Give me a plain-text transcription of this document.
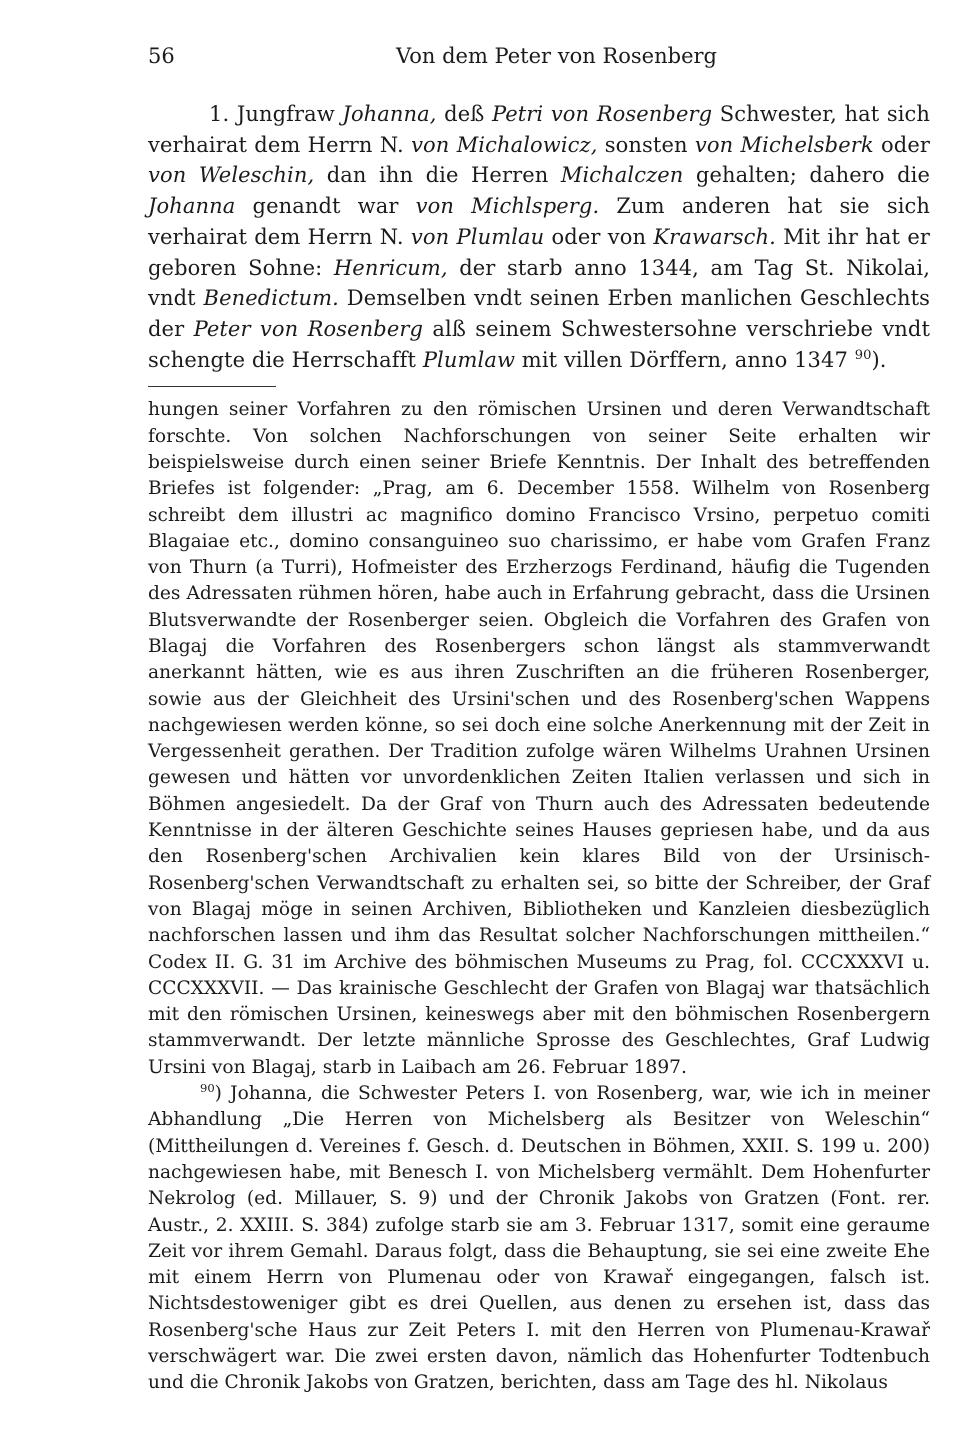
56	Von dem Peter von Rosenberg

1. Jungfraw Johanna, deß Petri von Rosenberg Schwester, hat sich verhairat dem Herrn N. von Michalowicz, sonsten von Michelsberk oder von Weleschin, dan ihn die Herren Michalczen gehalten; dahero die Johanna genandt war von Michlsperg. Zum anderen hat sie sich verhairat dem Herrn N. von Plumlau oder von Krawarsch. Mit ihr hat er geboren Sohne: Henricum, der starb anno 1344, am Tag St. Nikolai, vndt Benedictum. Demselben vndt seinen Erben manlichen Geschlechts der Peter von Rosenberg alß seinem Schwestersohne verschriebe vndt schengte die Herrschafft Plumlaw mit villen Dörffern, anno 1347 $^{90}$).

hungen seiner Vorfahren zu den römischen Ursinen und deren Verwandtschaft forschte. Von solchen Nachforschungen von seiner Seite erhalten wir beispielsweise durch einen seiner Briefe Kenntnis. Der Inhalt des betreffenden Briefes ist folgender: „Prag, am 6. December 1558. Wilhelm von Rosenberg schreibt dem illustri ac magnifico domino Francisco Vrsino, perpetuo comiti Blagaiae etc., domino consanguineo suo charissimo, er habe vom Grafen Franz von Thurn (a Turri), Hofmeister des Erzherzogs Ferdinand, häufig die Tugenden des Adressaten rühmen hören, habe auch in Erfahrung gebracht, dass die Ursinen Blutsverwandte der Rosenberger seien. Obgleich die Vorfahren des Grafen von Blagaj die Vorfahren des Rosenbergers schon längst als stammverwandt anerkannt hätten, wie es aus ihren Zuschriften an die früheren Rosenberger, sowie aus der Gleichheit des Ursini'schen und des Rosenberg'schen Wappens nachgewiesen werden könne, so sei doch eine solche Anerkennung mit der Zeit in Vergessenheit gerathen. Der Tradition zufolge wären Wilhelms Urahnen Ursinen gewesen und hätten vor unvordenklichen Zeiten Italien verlassen und sich in Böhmen angesiedelt. Da der Graf von Thurn auch des Adressaten bedeutende Kenntnisse in der älteren Geschichte seines Hauses gepriesen habe, und da aus den Rosenberg'schen Archivalien kein klares Bild von der Ursinisch-Rosenberg'schen Verwandtschaft zu erhalten sei, so bitte der Schreiber, der Graf von Blagaj möge in seinen Archiven, Bibliotheken und Kanzleien diesbezüglich nachforschen lassen und ihm das Resultat solcher Nachforschungen mittheilen.“ Codex II. G. 31 im Archive des böhmischen Museums zu Prag, fol. CCCXXXVI u. CCCXXXVII. — Das krainische Geschlecht der Grafen von Blagaj war thatsächlich mit den römischen Ursinen, keineswegs aber mit den böhmischen Rosenbergern stammverwandt. Der letzte männliche Sprosse des Geschlechtes, Graf Ludwig Ursini von Blagaj, starb in Laibach am 26. Februar 1897.

$^{90}$) Johanna, die Schwester Peters I. von Rosenberg, war, wie ich in meiner Abhandlung „Die Herren von Michelsberg als Besitzer von Weleschin“ (Mittheilungen d. Vereines f. Gesch. d. Deutschen in Böhmen, XXII. S. 199 u. 200) nachgewiesen habe, mit Benesch I. von Michelsberg vermählt. Dem Hohenfurter Nekrolog (ed. Millauer, S. 9) und der Chronik Jakobs von Gratzen (Font. rer. Austr., 2. XXIII. S. 384) zufolge starb sie am 3. Februar 1317, somit eine geraume Zeit vor ihrem Gemahl. Daraus folgt, dass die Behauptung, sie sei eine zweite Ehe mit einem Herrn von Plumenau oder von Krawař eingegangen, falsch ist. Nichtsdestoweniger gibt es drei Quellen, aus denen zu ersehen ist, dass das Rosenberg'sche Haus zur Zeit Peters I. mit den Herren von Plumenau-Krawař verschwägert war. Die zwei ersten davon, nämlich das Hohenfurter Todtenbuch und die Chronik Jakobs von Gratzen, berichten, dass am Tage des hl. Nikolaus
